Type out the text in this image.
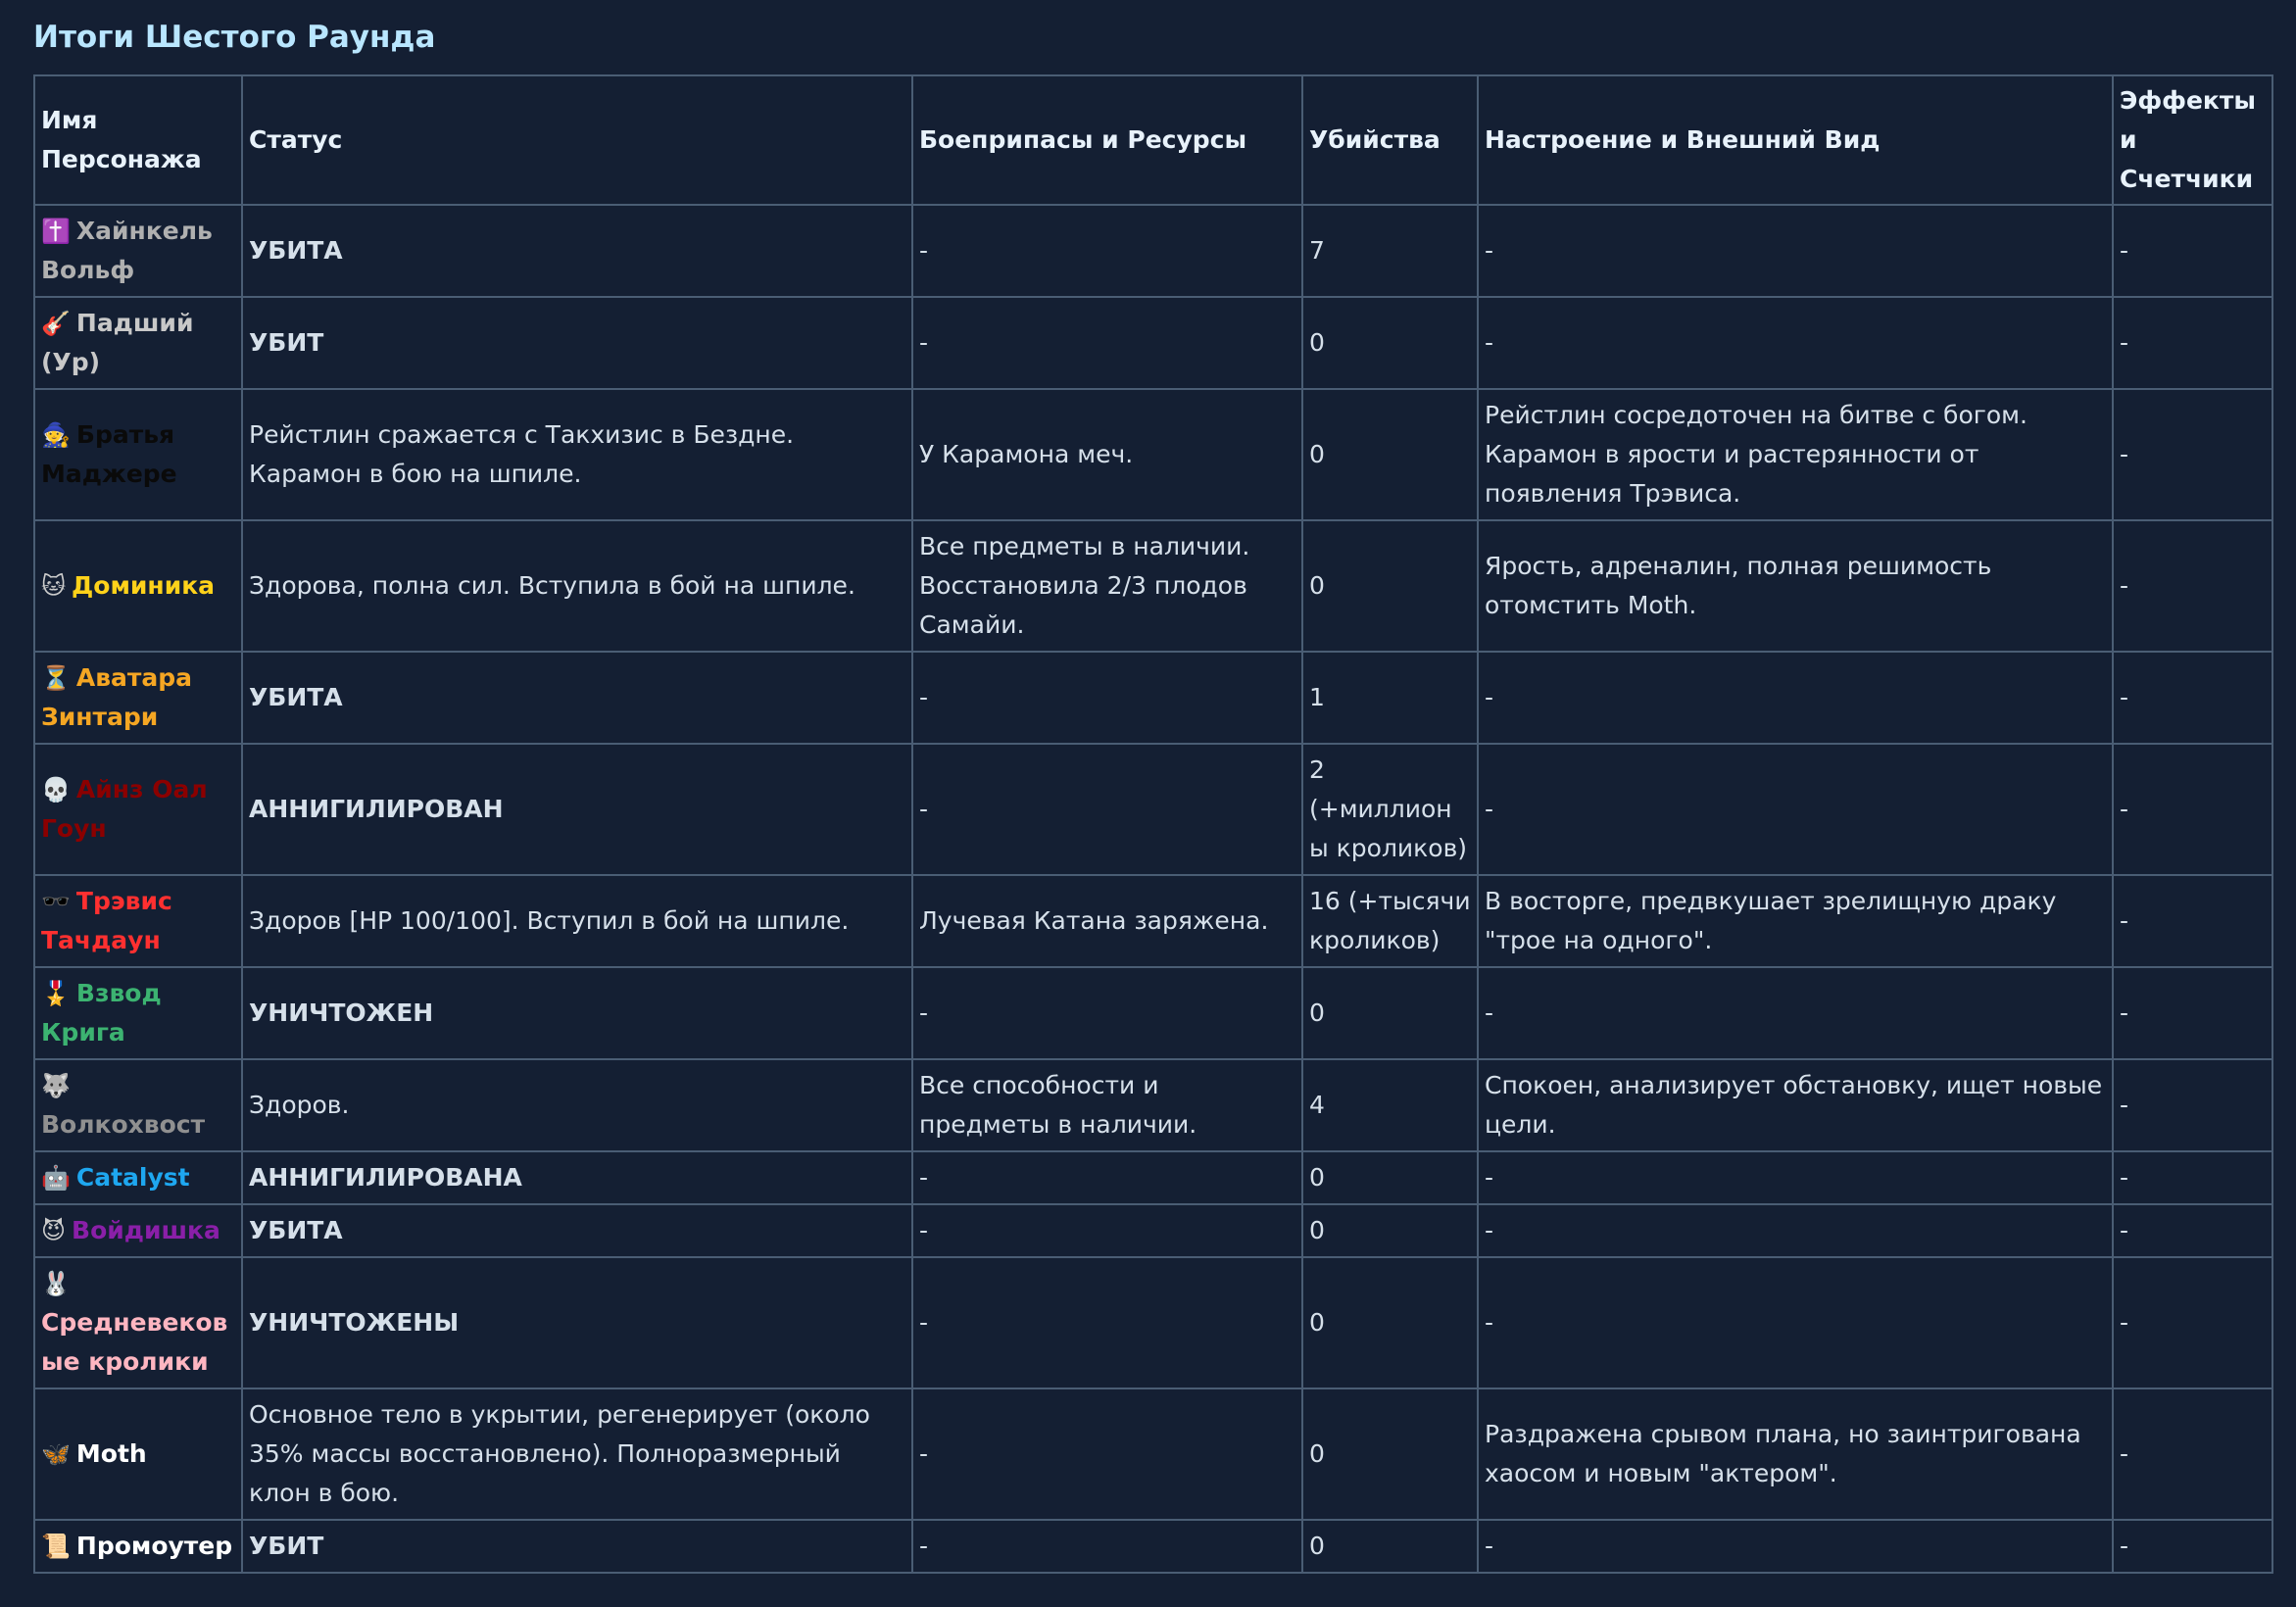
Итоги Шестого Раунда
Имя Персонажа	Статус	Боеприпасы и Ресурсы	Убийства	Настроение и Внешний Вид	Эффекты и Счетчики
✝️ Хайнкель Вольф	УБИТА	-	7	-	-
🎸 Падший (Ур)	УБИТ	-	0	-	-
🧙 Братья Маджере	Рейстлин сражается с Такхизис в Бездне. Карамон в бою на шпиле.	У Карамона меч.	0	Рейстлин сосредоточен на битве с богом. Карамон в ярости и растерянности от появления Трэвиса.	-
🐱 Доминика	Здорова, полна сил. Вступила в бой на шпиле.	Все предметы в наличии. Восстановила 2/3 плодов Самайи.	0	Ярость, адреналин, полная решимость отомстить Moth.	-
⏳ Аватара Зинтари	УБИТА	-	1	-	-
💀 Айнз Оал Гоун	АННИГИЛИРОВАН	-	2 (+миллионы кроликов)	-	-
🕶️ Трэвис Тачдаун	Здоров [HP 100/100]. Вступил в бой на шпиле.	Лучевая Катана заряжена.	16 (+тысячи кроликов)	В восторге, предвкушает зрелищную драку "трое на одного".	-
🎖️ Взвод Крига	УНИЧТОЖЕН	-	0	-	-
🐺Волкохвост	Здоров.	Все способности и предметы в наличии.	4	Спокоен, анализирует обстановку, ищет новые цели.	-
🤖 Catalyst	АННИГИЛИРОВАНА	-	0	-	-
😈 Войдишка	УБИТА	-	0	-	-
🐰Средневековые кролики	УНИЧТОЖЕНЫ	-	0	-	-
🦋 Moth	Основное тело в укрытии, регенерирует (около 35% массы восстановлено). Полноразмерный клон в бою.	-	0	Раздражена срывом плана, но заинтригована хаосом и новым "актером".	-
📜 Промоутер	УБИТ	-	0	-	-
